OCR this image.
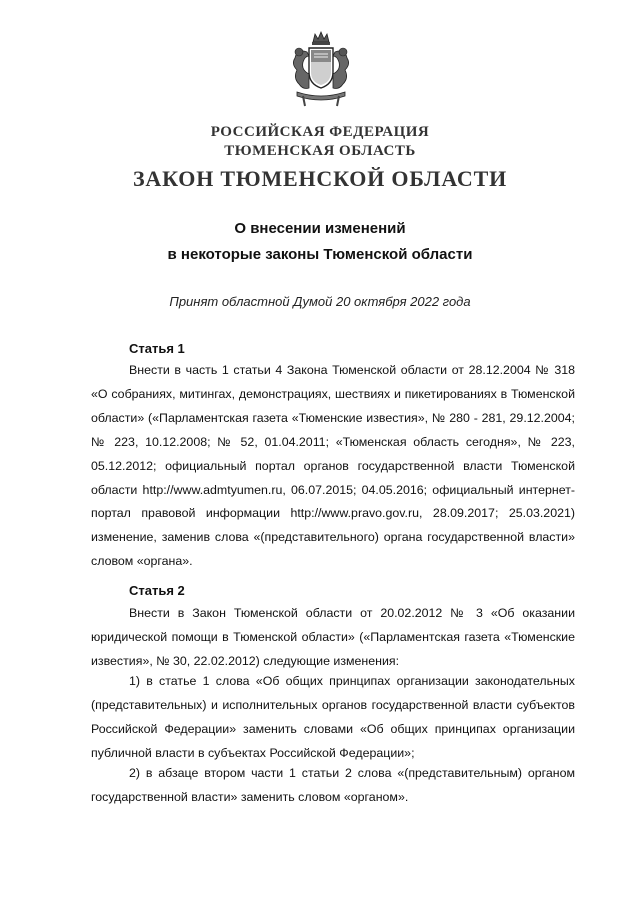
РОССИЙСКАЯ ФЕДЕРАЦИЯ
ТЮМЕНСКАЯ ОБЛАСТЬ
ЗАКОН ТЮМЕНСКОЙ ОБЛАСТИ
О внесении изменений
в некоторые законы Тюменской области
Принят областной Думой 20 октября 2022 года
Статья 1

Внести в часть 1 статьи 4 Закона Тюменской области от 28.12.2004 № 318 «О собраниях, митингах, демонстрациях, шествиях и пикетированиях в Тюменской области» («Парламентская газета «Тюменские известия», № 280 - 281, 29.12.2004; № 223, 10.12.2008; № 52, 01.04.2011; «Тюменская область сегодня», № 223, 05.12.2012; официальный портал органов государственной власти Тюменской области http://www.admtyumen.ru, 06.07.2015; 04.05.2016; официальный интернет-портал правовой информации http://www.pravo.gov.ru, 28.09.2017; 25.03.2021) изменение, заменив слова «(представительного) органа государственной власти» словом «органа».

Статья 2

Внести в Закон Тюменской области от 20.02.2012 № 3 «Об оказании юридической помощи в Тюменской области» («Парламентская газета «Тюменские известия», № 30, 22.02.2012) следующие изменения:

1) в статье 1 слова «Об общих принципах организации законодательных (представительных) и исполнительных органов государственной власти субъектов Российской Федерации» заменить словами «Об общих принципах организации публичной власти в субъектах Российской Федерации»;

2) в абзаце втором части 1 статьи 2 слова «(представительным) органом государственной власти» заменить словом «органом».
